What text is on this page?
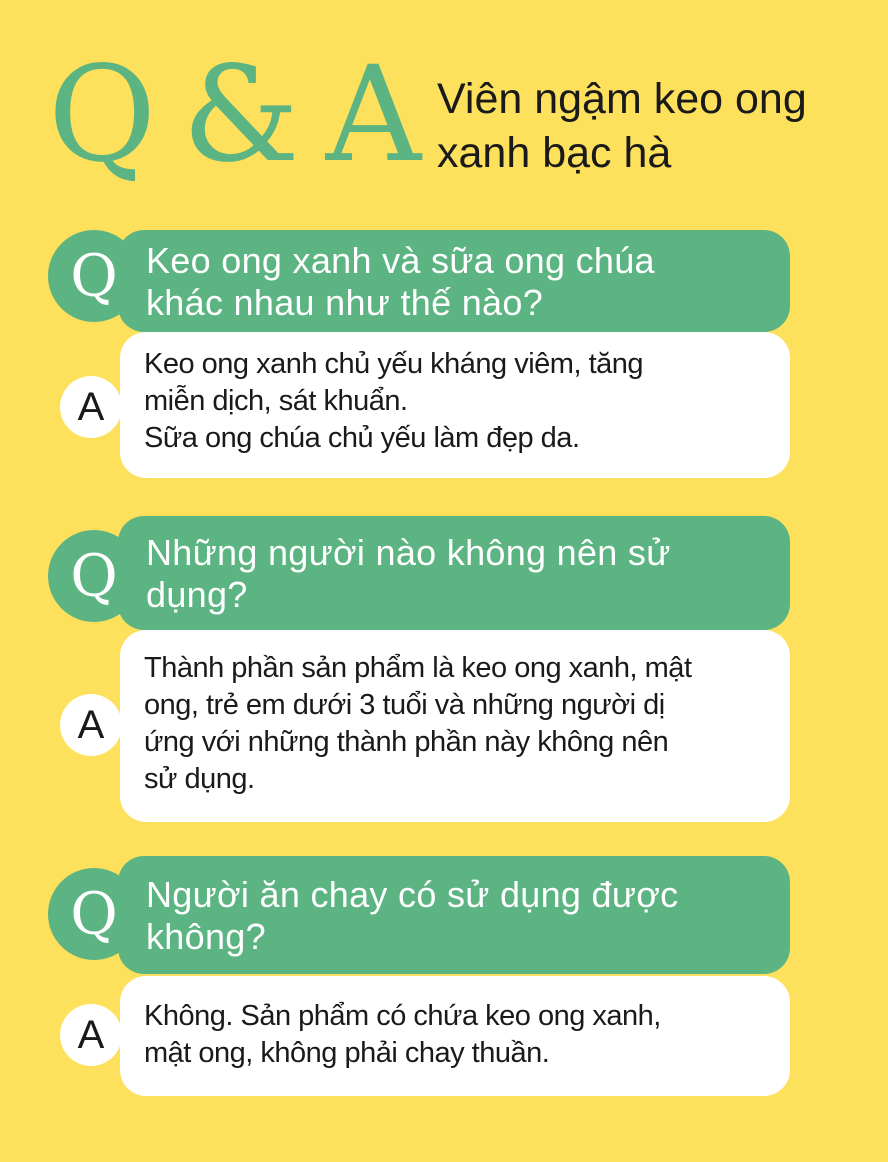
Q & A Viên ngậm keo ong
xanh bạc hà
Keo ong xanh và sữa ong chúa
khác nhau như thế nào?
Q
Keo ong xanh chủ yếu kháng viêm, tăng
miễn dịch, sát khuẩn.
Sữa ong chúa chủ yếu làm đẹp da.
A
Những người nào không nên sử
dụng?
Q
Thành phần sản phẩm là keo ong xanh, mật
ong, trẻ em dưới 3 tuổi và những người dị
ứng với những thành phần này không nên
sử dụng.
A
Người ăn chay có sử dụng được
không?
Q
Không. Sản phẩm có chứa keo ong xanh,
mật ong, không phải chay thuần.
A
